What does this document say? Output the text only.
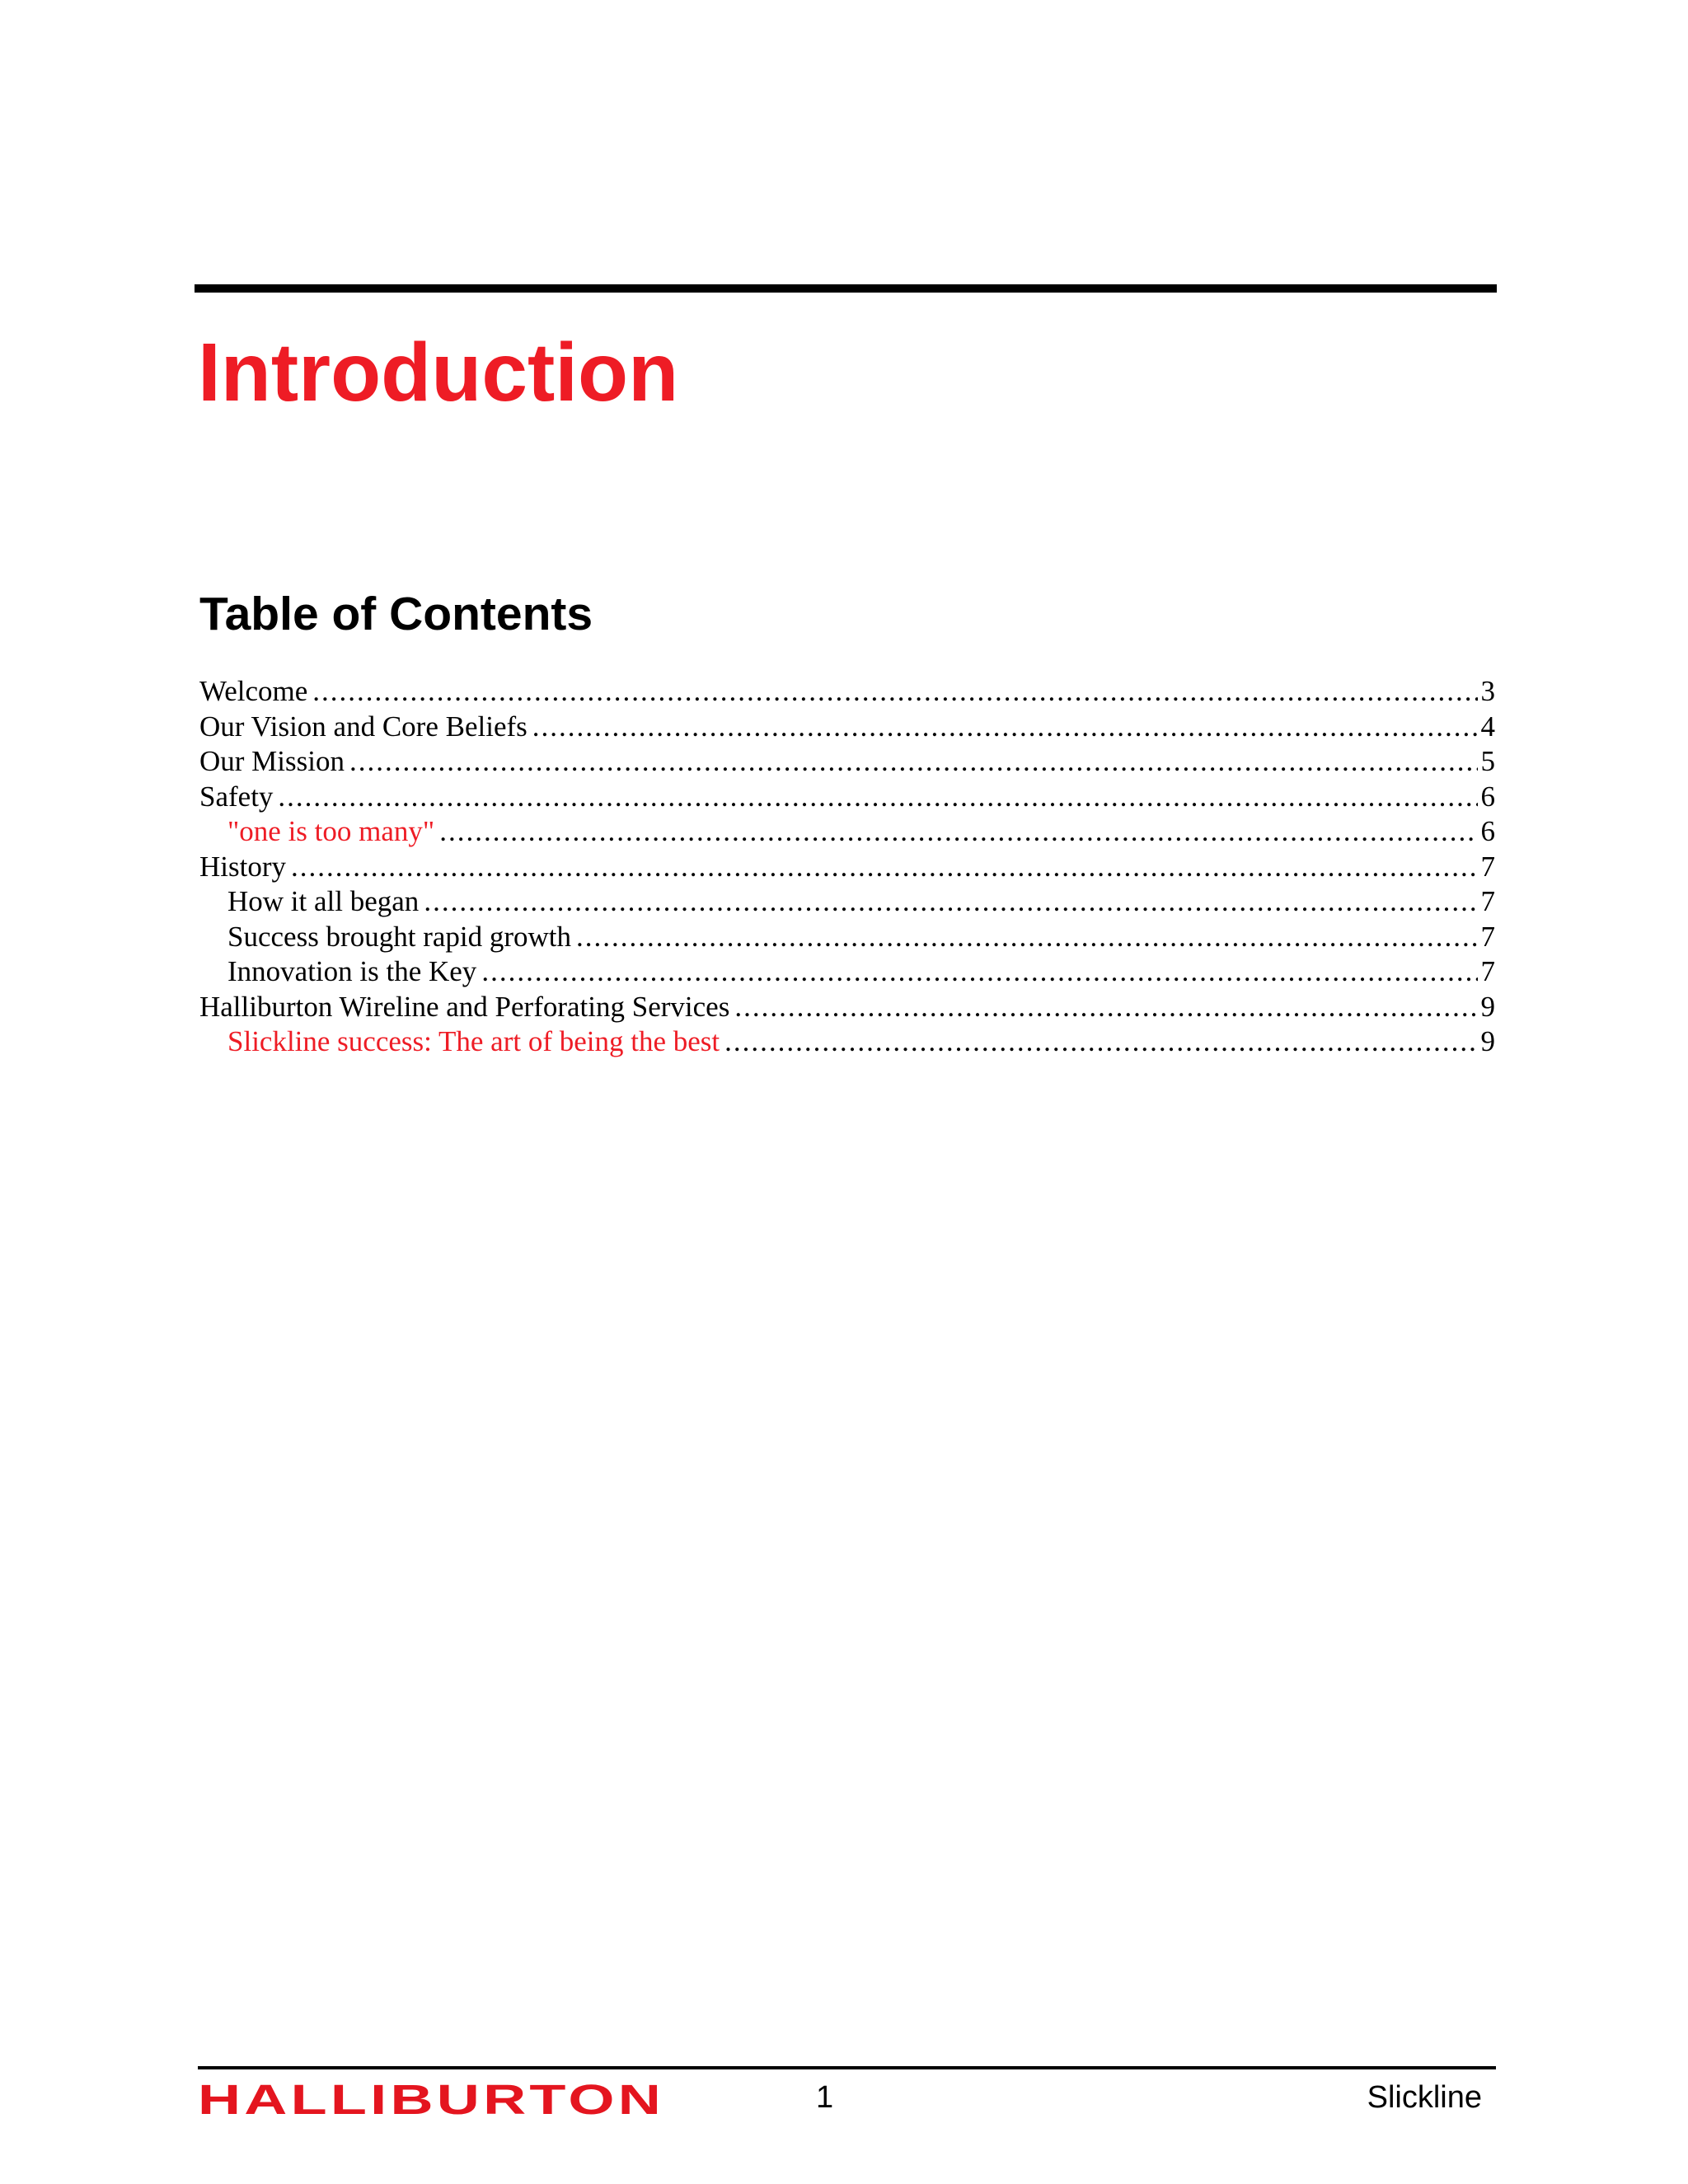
Introduction
Table of Contents
Welcome .....	3
Our Vision and Core Beliefs .....	4
Our Mission .....	5
Safety .....	6
"one is too many" .....	6
History .....	7
How it all began .....	7
Success brought rapid growth .....	7
Innovation is the Key .....	7
Halliburton Wireline and Perforating Services .....	9
Slickline success: The art of being the best .....	9
HALLIBURTON	1	Slickline
